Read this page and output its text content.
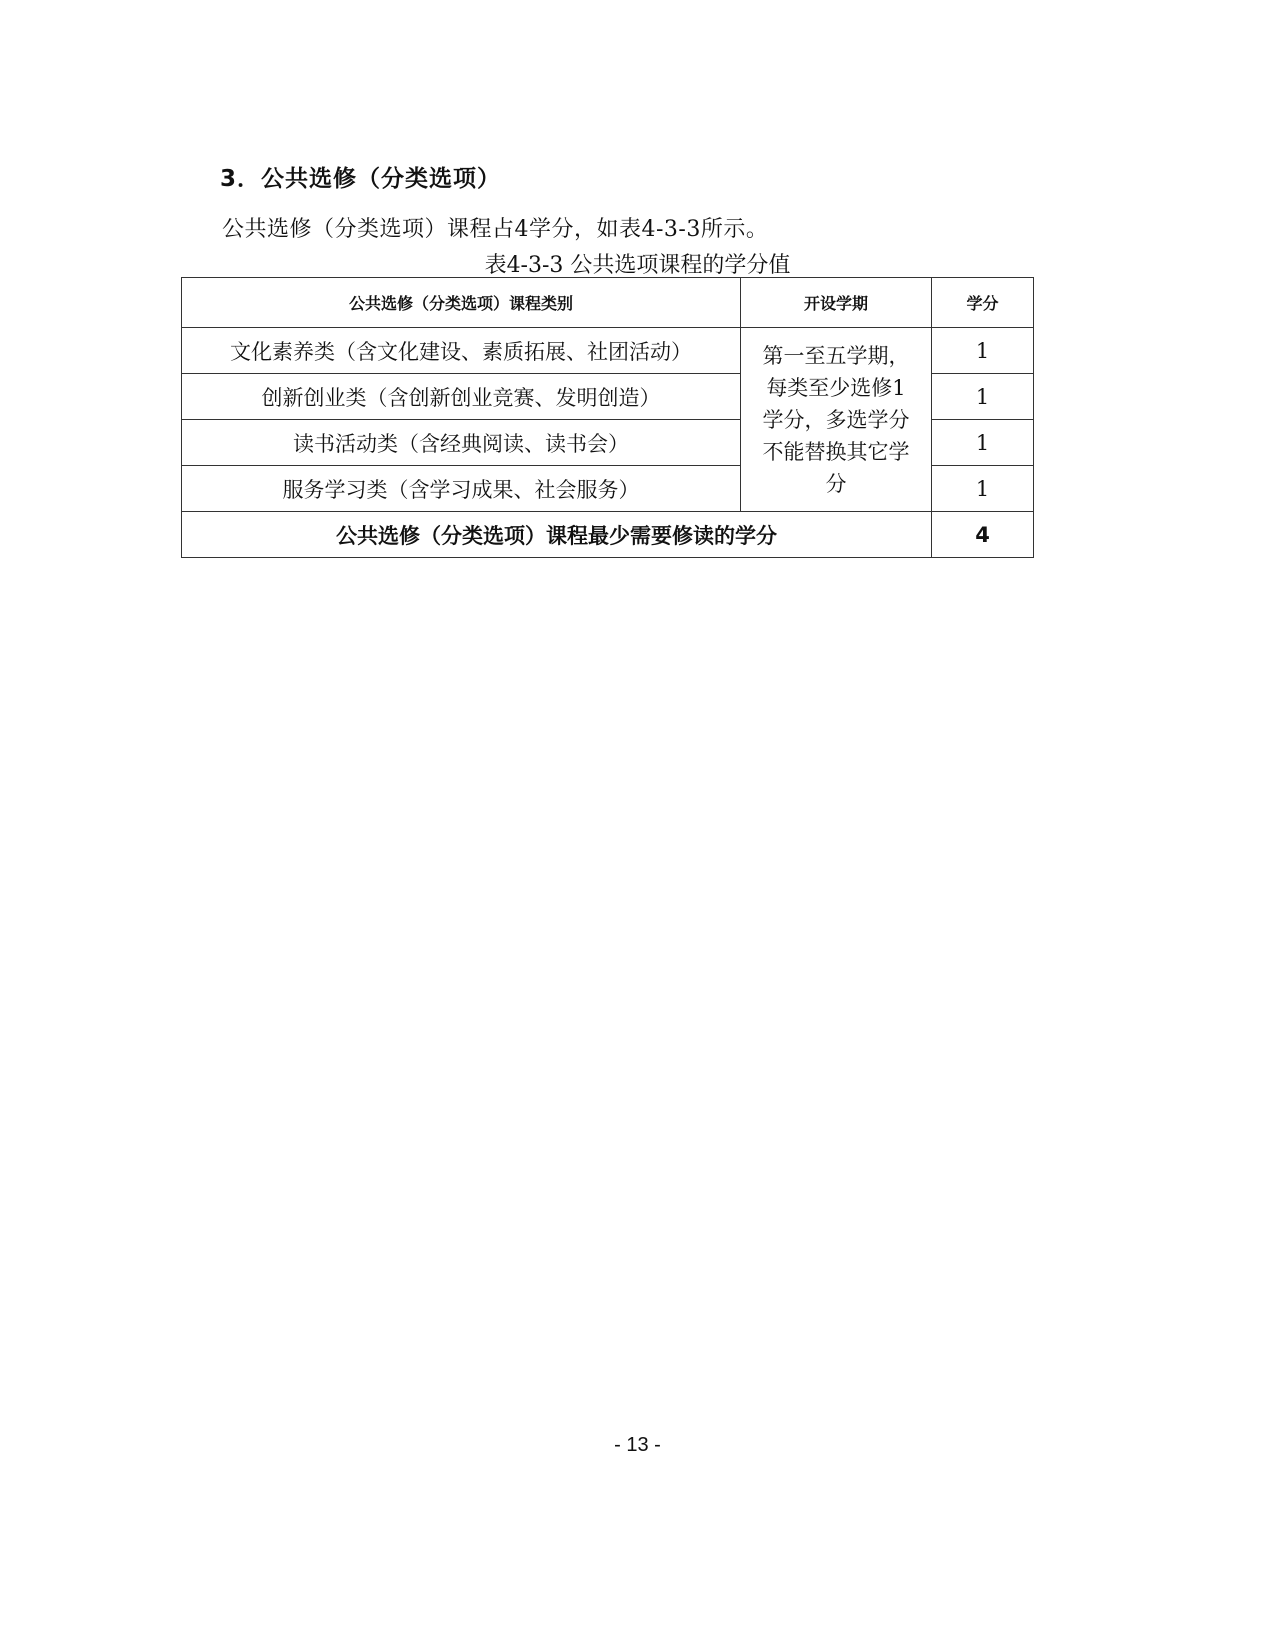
3．公共选修（分类选项）
公共选修（分类选项）课程占4学分，如表4-3-3所示。
表4-3-3 公共选项课程的学分值
公共选修（分类选项）课程类别	开设学期	学分
文化素养类（含文化建设、素质拓展、社团活动）	第一至五学期，
每类至少选修1
学分，多选学分
不能替换其它学
分	1
创新创业类（含创新创业竞赛、发明创造）		1
读书活动类（含经典阅读、读书会）		1
服务学习类（含学习成果、社会服务）		1
公共选修（分类选项）课程最少需要修读的学分		4
- 13 -
